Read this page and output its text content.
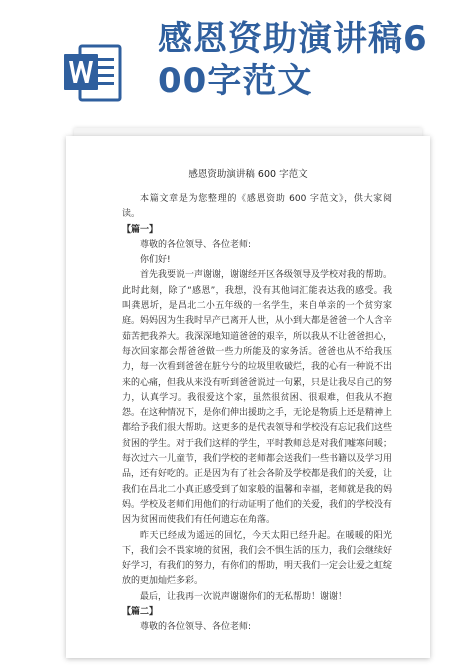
感恩资助演讲稿6
00字范文
感恩资助演讲稿 600 字范文

本篇文章是为您整理的《感恩资助 600 字范文》，供大家阅读。

【篇一】

尊敬的各位领导、各位老师:

你们好!

首先我要说一声谢谢，谢谢经开区各级领导及学校对我的帮助。此时此刻，除了“感恩”，我想，没有其他词汇能表达我的感受。我叫龚恩圻，是昌北二小五年级的一名学生，来自单亲的一个贫穷家庭。妈妈因为生我时早产已离开人世，从小到大都是爸爸一个人含辛茹苦把我养大。我深深地知道爸爸的艰辛，所以我从不让爸爸担心，每次回家都会帮爸爸做一些力所能及的家务活。爸爸也从不给我压力，每一次看到爸爸在脏兮兮的垃圾里收破烂，我的心有一种说不出来的心痛，但我从来没有听到爸爸说过一句累，只是让我尽自己的努力，认真学习。我很爱这个家，虽然很贫困、很艰难，但我从不抱怨。在这种情况下，是你们伸出援助之手，无论是物质上还是精神上都给予我们很大帮助。这更多的是代表领导和学校没有忘记我们这些贫困的学生。对于我们这样的学生，平时教师总是对我们嘘寒问暖；每次过六一儿童节，我们学校的老师都会送我们一些书籍以及学习用品，还有好吃的。正是因为有了社会各阶及学校都是我们的关爱，让我们在昌北二小真正感受到了如家般的温馨和幸福，老师就是我的妈妈。学校及老师们用他们的行动证明了他们的关爱，我们的学校没有因为贫困而使我们有任何遗忘在角落。

昨天已经成为遥远的回忆，今天太阳已经升起。在暖暖的阳光下，我们会不畏家境的贫困，我们会不惧生活的压力，我们会继续好

好学习，有我们的努力，有你们的帮助，明天我们一定会让爱之虹绽放的更加灿烂多彩。

最后，让我再一次说声谢谢你们的无私帮助！谢谢！

【篇二】

尊敬的各位领导、各位老师:
